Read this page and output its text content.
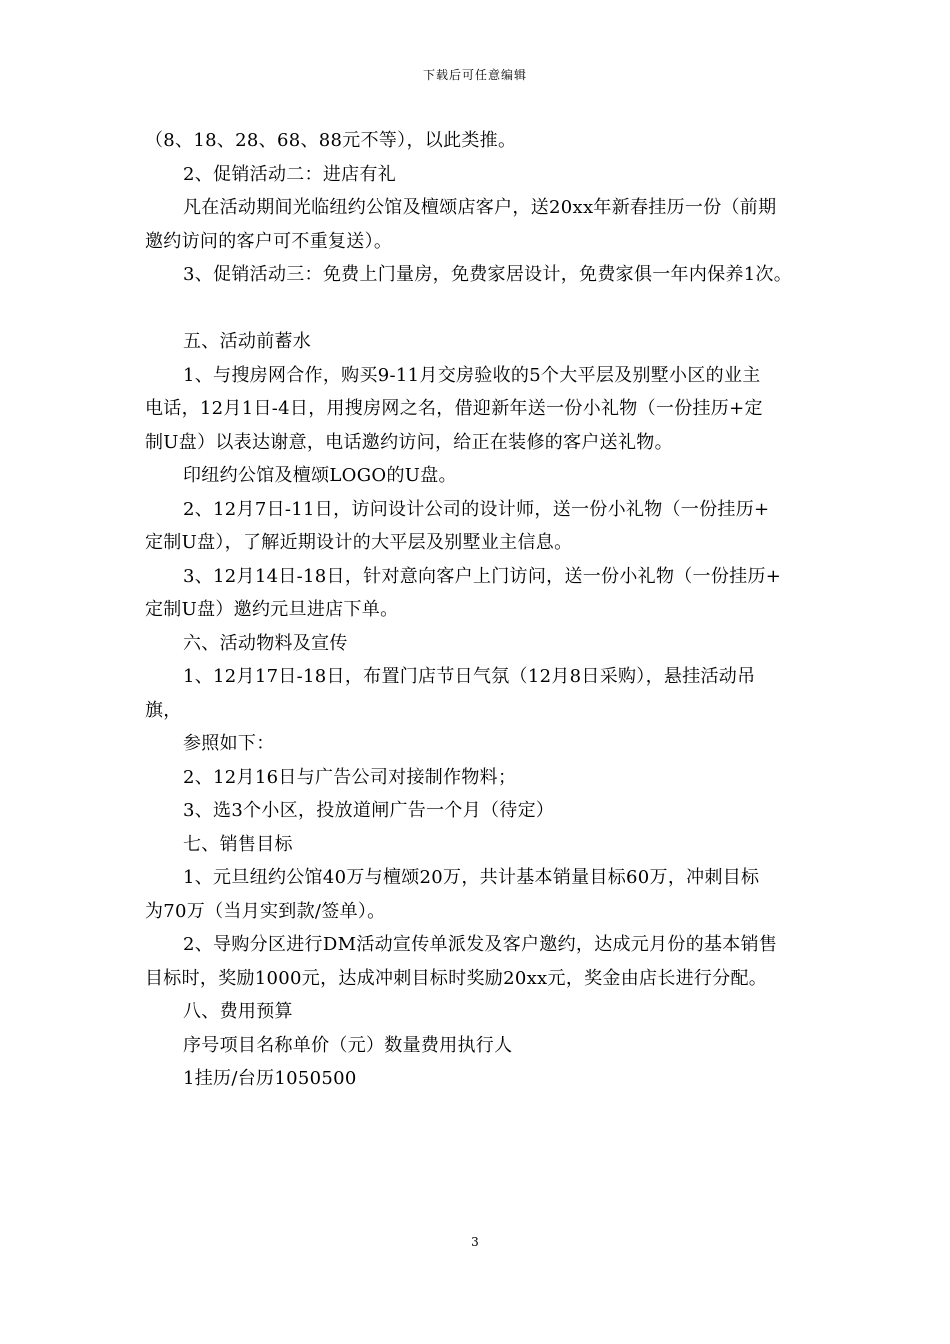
下载后可任意编辑
（8、18、28、68、88元不等），以此类推。
2、促销活动二：进店有礼
凡在活动期间光临纽约公馆及檀颂店客户，送20xx年新春挂历一份（前期
邀约访问的客户可不重复送）。
3、促销活动三：免费上门量房，免费家居设计，免费家俱一年内保养1次。
五、活动前蓄水
1、与搜房网合作，购买9-11月交房验收的5个大平层及别墅小区的业主
电话，12月1日-4日，用搜房网之名，借迎新年送一份小礼物（一份挂历+定
制U盘）以表达谢意，电话邀约访问，给正在装修的客户送礼物。
印纽约公馆及檀颂LOGO的U盘。
2、12月7日-11日，访问设计公司的设计师，送一份小礼物（一份挂历+
定制U盘），了解近期设计的大平层及别墅业主信息。
3、12月14日-18日，针对意向客户上门访问，送一份小礼物（一份挂历+
定制U盘）邀约元旦进店下单。
六、活动物料及宣传
1、12月17日-18日，布置门店节日气氛（12月8日采购），悬挂活动吊
旗，
参照如下：
2、12月16日与广告公司对接制作物料；
3、选3个小区，投放道闸广告一个月（待定）
七、销售目标
1、元旦纽约公馆40万与檀颂20万，共计基本销量目标60万，冲刺目标
为70万（当月实到款/签单）。
2、导购分区进行DM活动宣传单派发及客户邀约，达成元月份的基本销售
目标时，奖励1000元，达成冲刺目标时奖励20xx元，奖金由店长进行分配。
八、费用预算
序号项目名称单价（元）数量费用执行人
1挂历/台历1050500
3
